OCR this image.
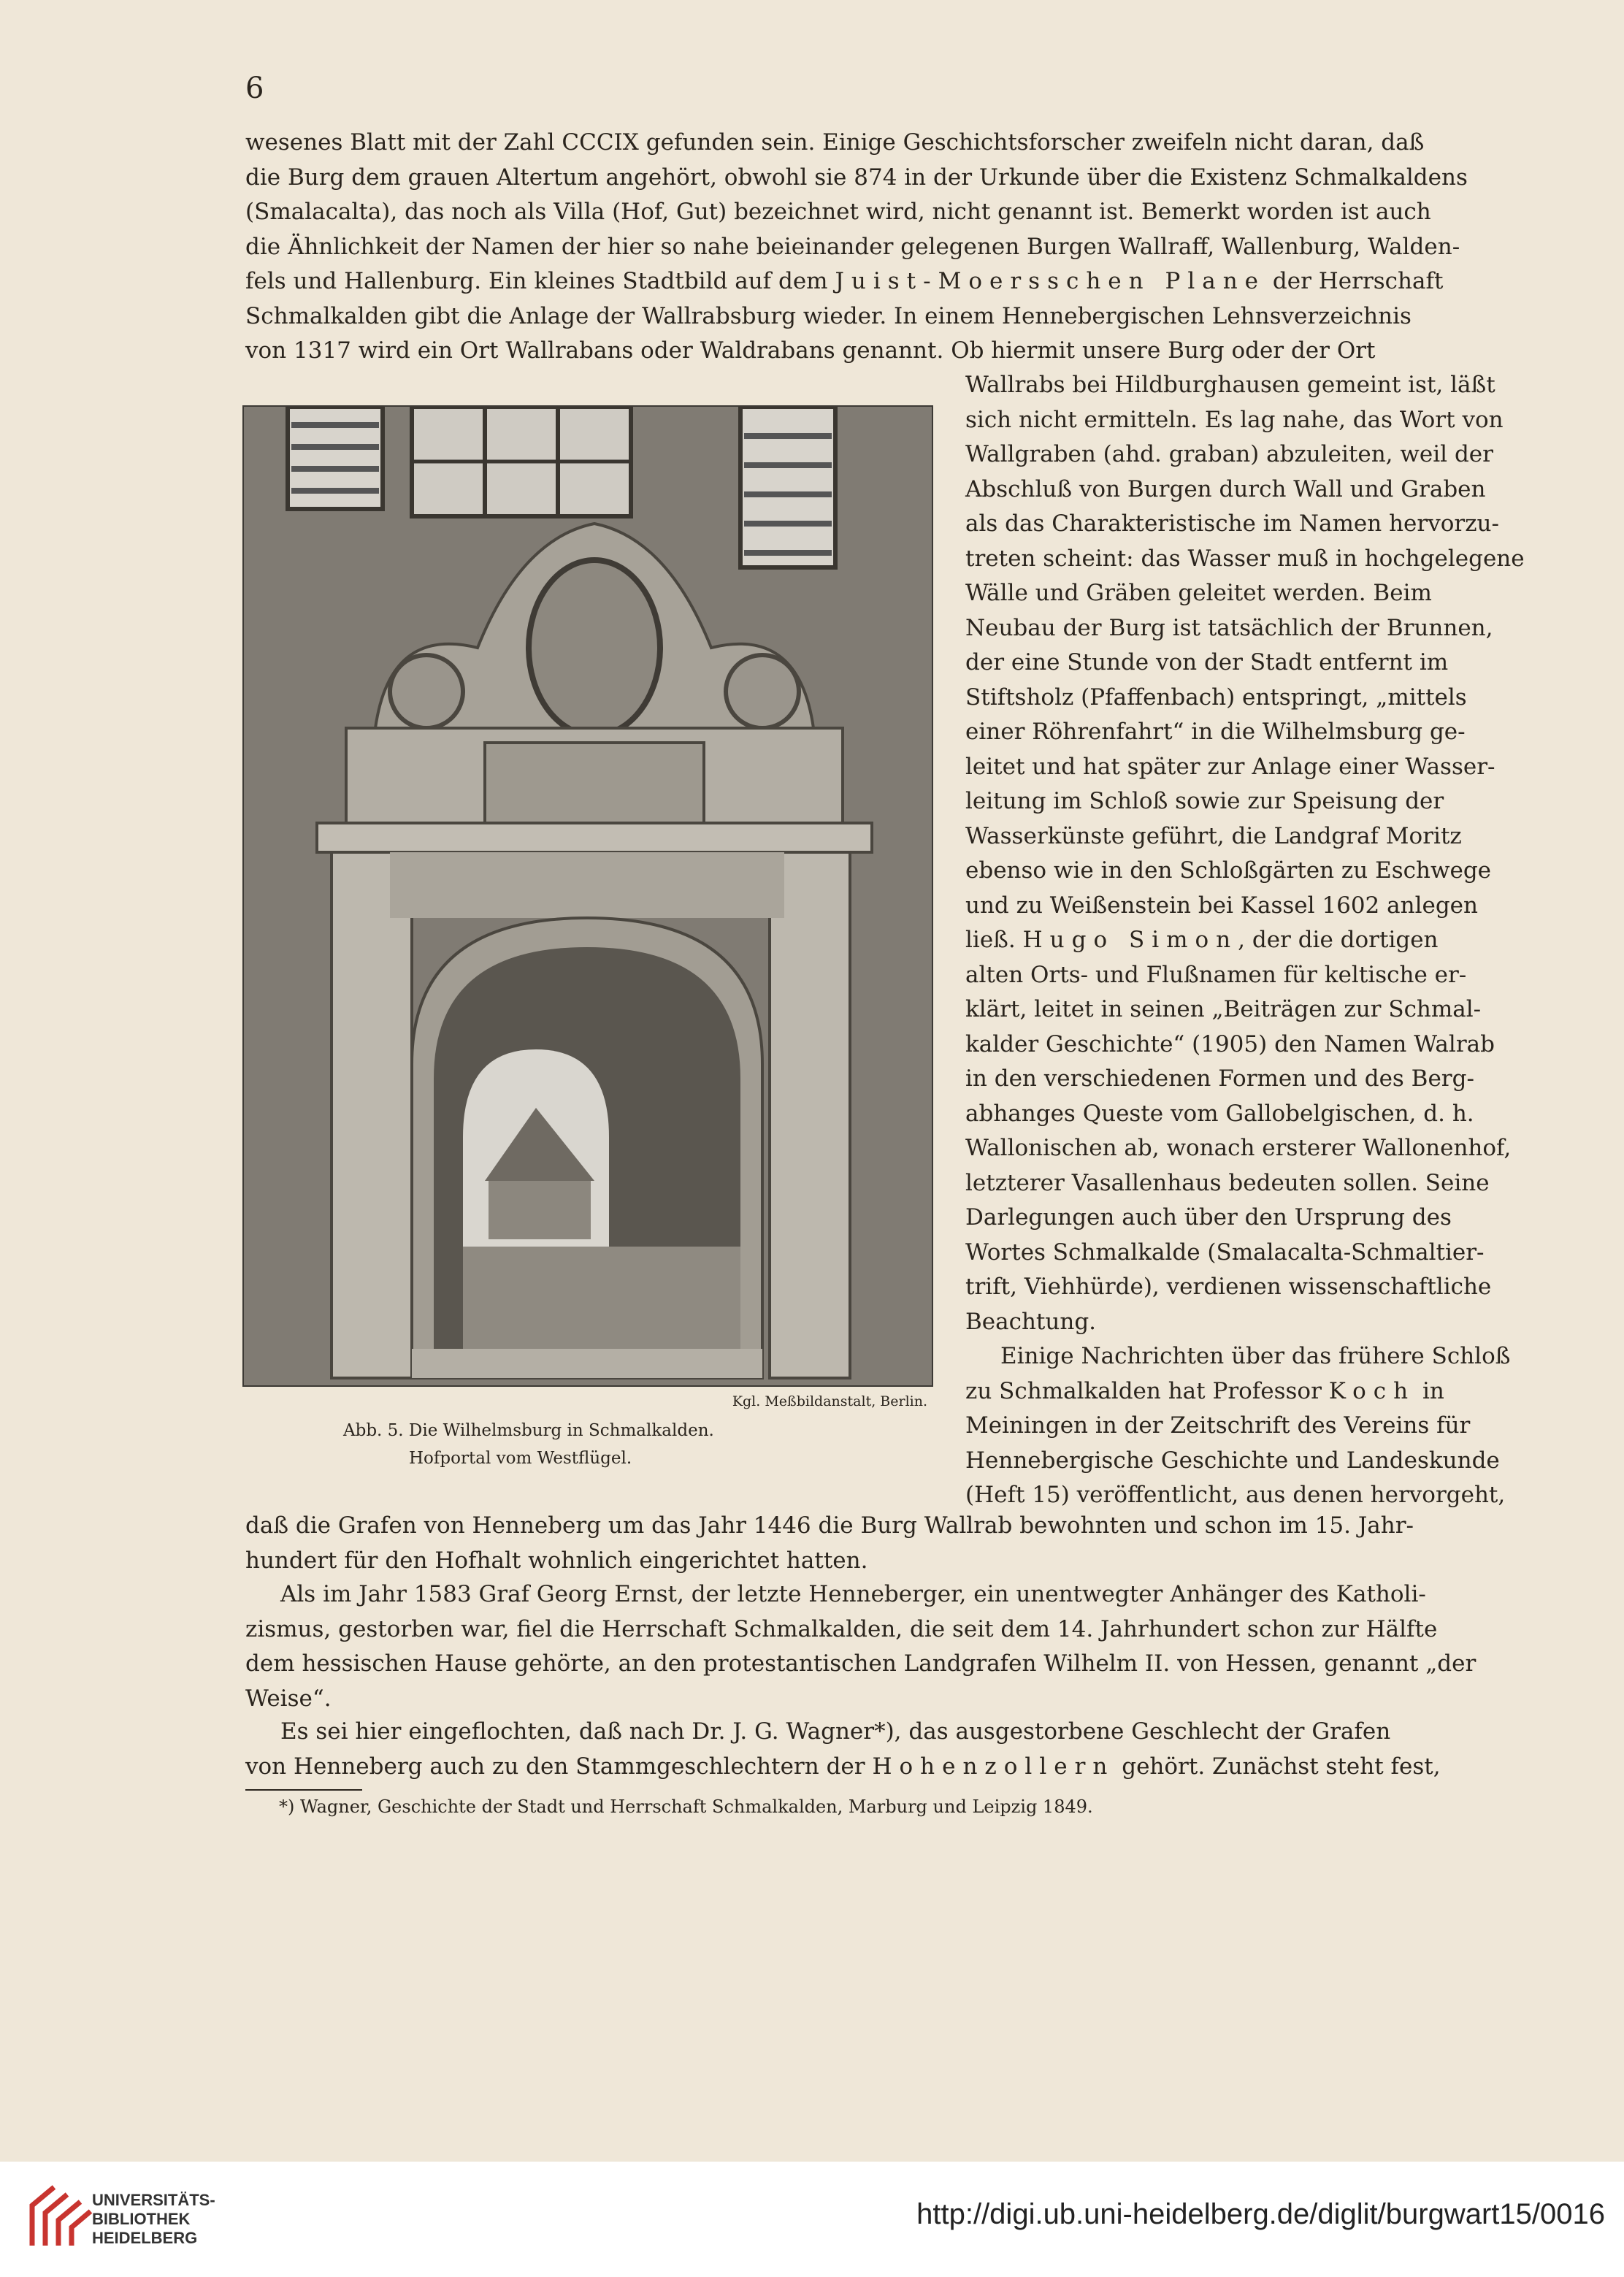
6
wesenes Blatt mit der Zahl CCCIX gefunden sein. Einige Geschichtsforscher zweifeln nicht daran, daß
die Burg dem grauen Altertum angehört, obwohl sie 874 in der Urkunde über die Existenz Schmalkaldens
(Smalacalta), das noch als Villa (Hof, Gut) bezeichnet wird, nicht genannt ist. Bemerkt worden ist auch
die Ähnlichkeit der Namen der hier so nahe beieinander gelegenen Burgen Wallraff, Wallenburg, Walden-
fels und Hallenburg. Ein kleines Stadtbild auf dem Juist-Moersschen Plane der Herrschaft
Schmalkalden gibt die Anlage der Wallrabsburg wieder. In einem Hennebergischen Lehnsverzeichnis
von 1317 wird ein Ort Wallrabans oder Waldrabans genannt. Ob hiermit unsere Burg oder der Ort
Kgl. Meßbildanstalt, Berlin.
Abb. 5. Die Wilhelmsburg in Schmalkalden.
Hofportal vom Westflügel.
Wallrabs bei Hildburghausen gemeint ist, läßt
sich nicht ermitteln. Es lag nahe, das Wort von
Wallgraben (ahd. graban) abzuleiten, weil der
Abschluß von Burgen durch Wall und Graben
als das Charakteristische im Namen hervorzu-
treten scheint: das Wasser muß in hochgelegene
Wälle und Gräben geleitet werden. Beim
Neubau der Burg ist tatsächlich der Brunnen,
der eine Stunde von der Stadt entfernt im
Stiftsholz (Pfaffenbach) entspringt, „mittels
einer Röhrenfahrt“ in die Wilhelmsburg ge-
leitet und hat später zur Anlage einer Wasser-
leitung im Schloß sowie zur Speisung der
Wasserkünste geführt, die Landgraf Moritz
ebenso wie in den Schloßgärten zu Eschwege
und zu Weißenstein bei Kassel 1602 anlegen
ließ. Hugo Simon, der die dortigen
alten Orts- und Flußnamen für keltische er-
klärt, leitet in seinen „Beiträgen zur Schmal-
kalder Geschichte“ (1905) den Namen Walrab
in den verschiedenen Formen und des Berg-
abhanges Queste vom Gallobelgischen, d. h.
Wallonischen ab, wonach ersterer Wallonenhof,
letzterer Vasallenhaus bedeuten sollen. Seine
Darlegungen auch über den Ursprung des
Wortes Schmalkalde (Smalacalta-Schmaltier-
trift, Viehhürde), verdienen wissenschaftliche
Beachtung.
Einige Nachrichten über das frühere Schloß
zu Schmalkalden hat Professor Koch in
Meiningen in der Zeitschrift des Vereins für
Hennebergische Geschichte und Landeskunde
(Heft 15) veröffentlicht, aus denen hervorgeht,
daß die Grafen von Henneberg um das Jahr 1446 die Burg Wallrab bewohnten und schon im 15. Jahr-
hundert für den Hofhalt wohnlich eingerichtet hatten.
Als im Jahr 1583 Graf Georg Ernst, der letzte Henneberger, ein unentwegter Anhänger des Katholi-
zismus, gestorben war, fiel die Herrschaft Schmalkalden, die seit dem 14. Jahrhundert schon zur Hälfte
dem hessischen Hause gehörte, an den protestantischen Landgrafen Wilhelm II. von Hessen, genannt „der
Weise“.
Es sei hier eingeflochten, daß nach Dr. J. G. Wagner*), das ausgestorbene Geschlecht der Grafen
von Henneberg auch zu den Stammgeschlechtern der Hohenzollern gehört. Zunächst steht fest,
*) Wagner, Geschichte der Stadt und Herrschaft Schmalkalden, Marburg und Leipzig 1849.
UNIVERSITÄTS-
BIBLIOTHEK
HEIDELBERG
http://digi.ub.uni-heidelberg.de/diglit/burgwart15/0016
